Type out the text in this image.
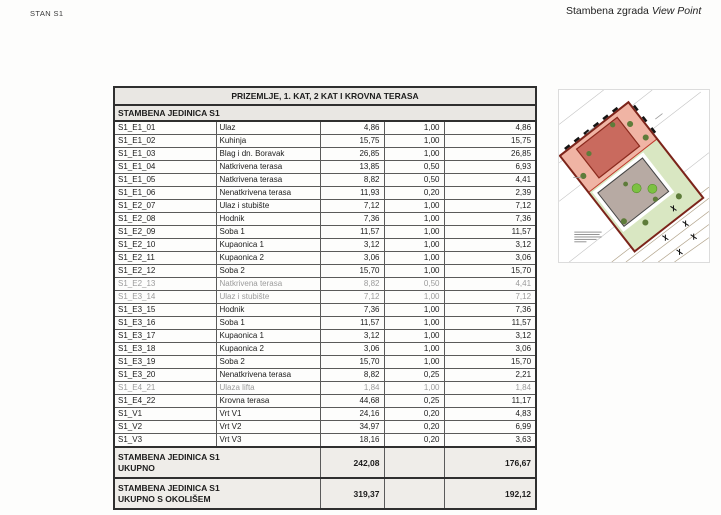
STAN S1	Stambena zgrada View Point
PRIZEMLJE, 1. KAT, 2 KAT I KROVNA TERASA				
STAMBENA JEDINICA S1				
S1_E1_01	Ulaz	4,86	1,00	4,86
S1_E1_02	Kuhinja	15,75	1,00	15,75
S1_E1_03	Blag i dn. Boravak	26,85	1,00	26,85
S1_E1_04	Natkrivena terasa	13,85	0,50	6,93
S1_E1_05	Natkrivena terasa	8,82	0,50	4,41
S1_E1_06	Nenatkrivena terasa	11,93	0,20	2,39
S1_E2_07	Ulaz i stubište	7,12	1,00	7,12
S1_E2_08	Hodnik	7,36	1,00	7,36
S1_E2_09	Soba 1	11,57	1,00	11,57
S1_E2_10	Kupaonica 1	3,12	1,00	3,12
S1_E2_11	Kupaonica 2	3,06	1,00	3,06
S1_E2_12	Soba 2	15,70	1,00	15,70
S1_E2_13	Natkrivena terasa	8,82	0,50	4,41
S1_E3_14	Ulaz i stubište	7,12	1,00	7,12
S1_E3_15	Hodnik	7,36	1,00	7,36
S1_E3_16	Soba 1	11,57	1,00	11,57
S1_E3_17	Kupaonica 1	3,12	1,00	3,12
S1_E3_18	Kupaonica 2	3,06	1,00	3,06
S1_E3_19	Soba 2	15,70	1,00	15,70
S1_E3_20	Nenatkrivena terasa	8,82	0,25	2,21
S1_E4_21	Ulaza lifta	1,84	1,00	1,84
S1_E4_22	Krovna terasa	44,68	0,25	11,17
S1_V1	Vrt V1	24,16	0,20	4,83
S1_V2	Vrt V2	34,97	0,20	6,99
S1_V3	Vrt V3	18,16	0,20	3,63

STAMBENA JEDINICA S1
UKUPNO		242,08		176,67

STAMBENA JEDINICA S1
UKUPNO S OKOLIŠEM		319,37		192,12
